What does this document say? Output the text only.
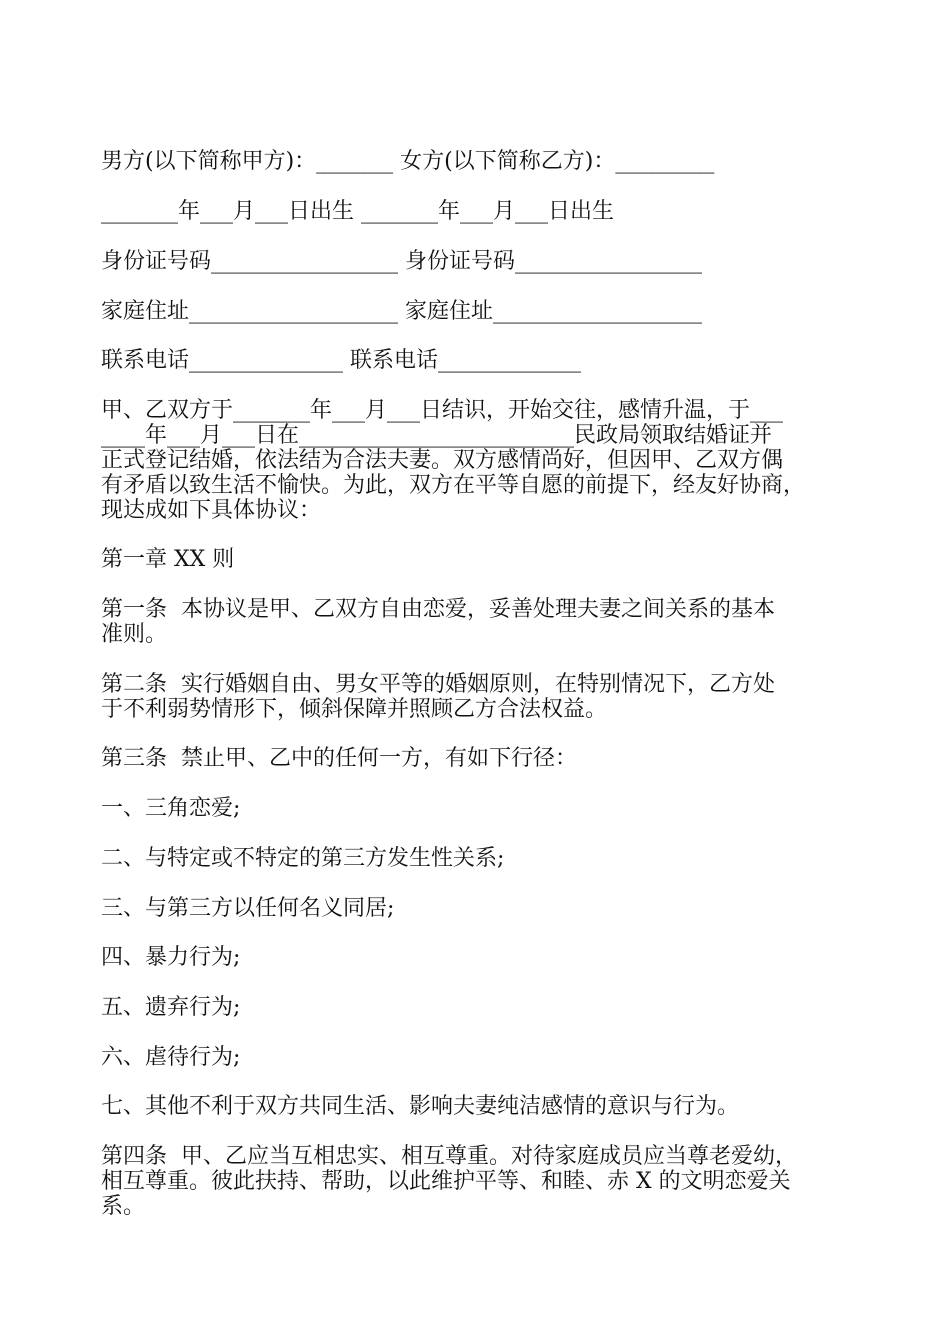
男方(以下简称甲方)：_______ 女方(以下简称乙方)：_________
_______年___月___日出生 _______年___月___日出生
身份证号码_________________ 身份证号码_________________
家庭住址___________________ 家庭住址___________________
联系电话______________ 联系电话_____________
甲、乙双方于_______年___月___日结识，开始交往，感情升温，于___
____年___月___日在_________________________民政局领取结婚证并
正式登记结婚，依法结为合法夫妻。双方感情尚好，但因甲、乙双方偶
有矛盾以致生活不愉快。为此，双方在平等自愿的前提下，经友好协商，
现达成如下具体协议：
第一章 XX 则
第一条  本协议是甲、乙双方自由恋爱，妥善处理夫妻之间关系的基本
准则。
第二条  实行婚姻自由、男女平等的婚姻原则，在特别情况下，乙方处
于不利弱势情形下，倾斜保障并照顾乙方合法权益。
第三条  禁止甲、乙中的任何一方，有如下行径：
一、三角恋爱;
二、与特定或不特定的第三方发生性关系;
三、与第三方以任何名义同居;
四、暴力行为;
五、遗弃行为;
六、虐待行为;
七、其他不利于双方共同生活、影响夫妻纯洁感情的意识与行为。
第四条  甲、乙应当互相忠实、相互尊重。对待家庭成员应当尊老爱幼，
相互尊重。彼此扶持、帮助，以此维护平等、和睦、赤 X 的文明恋爱关
系。
